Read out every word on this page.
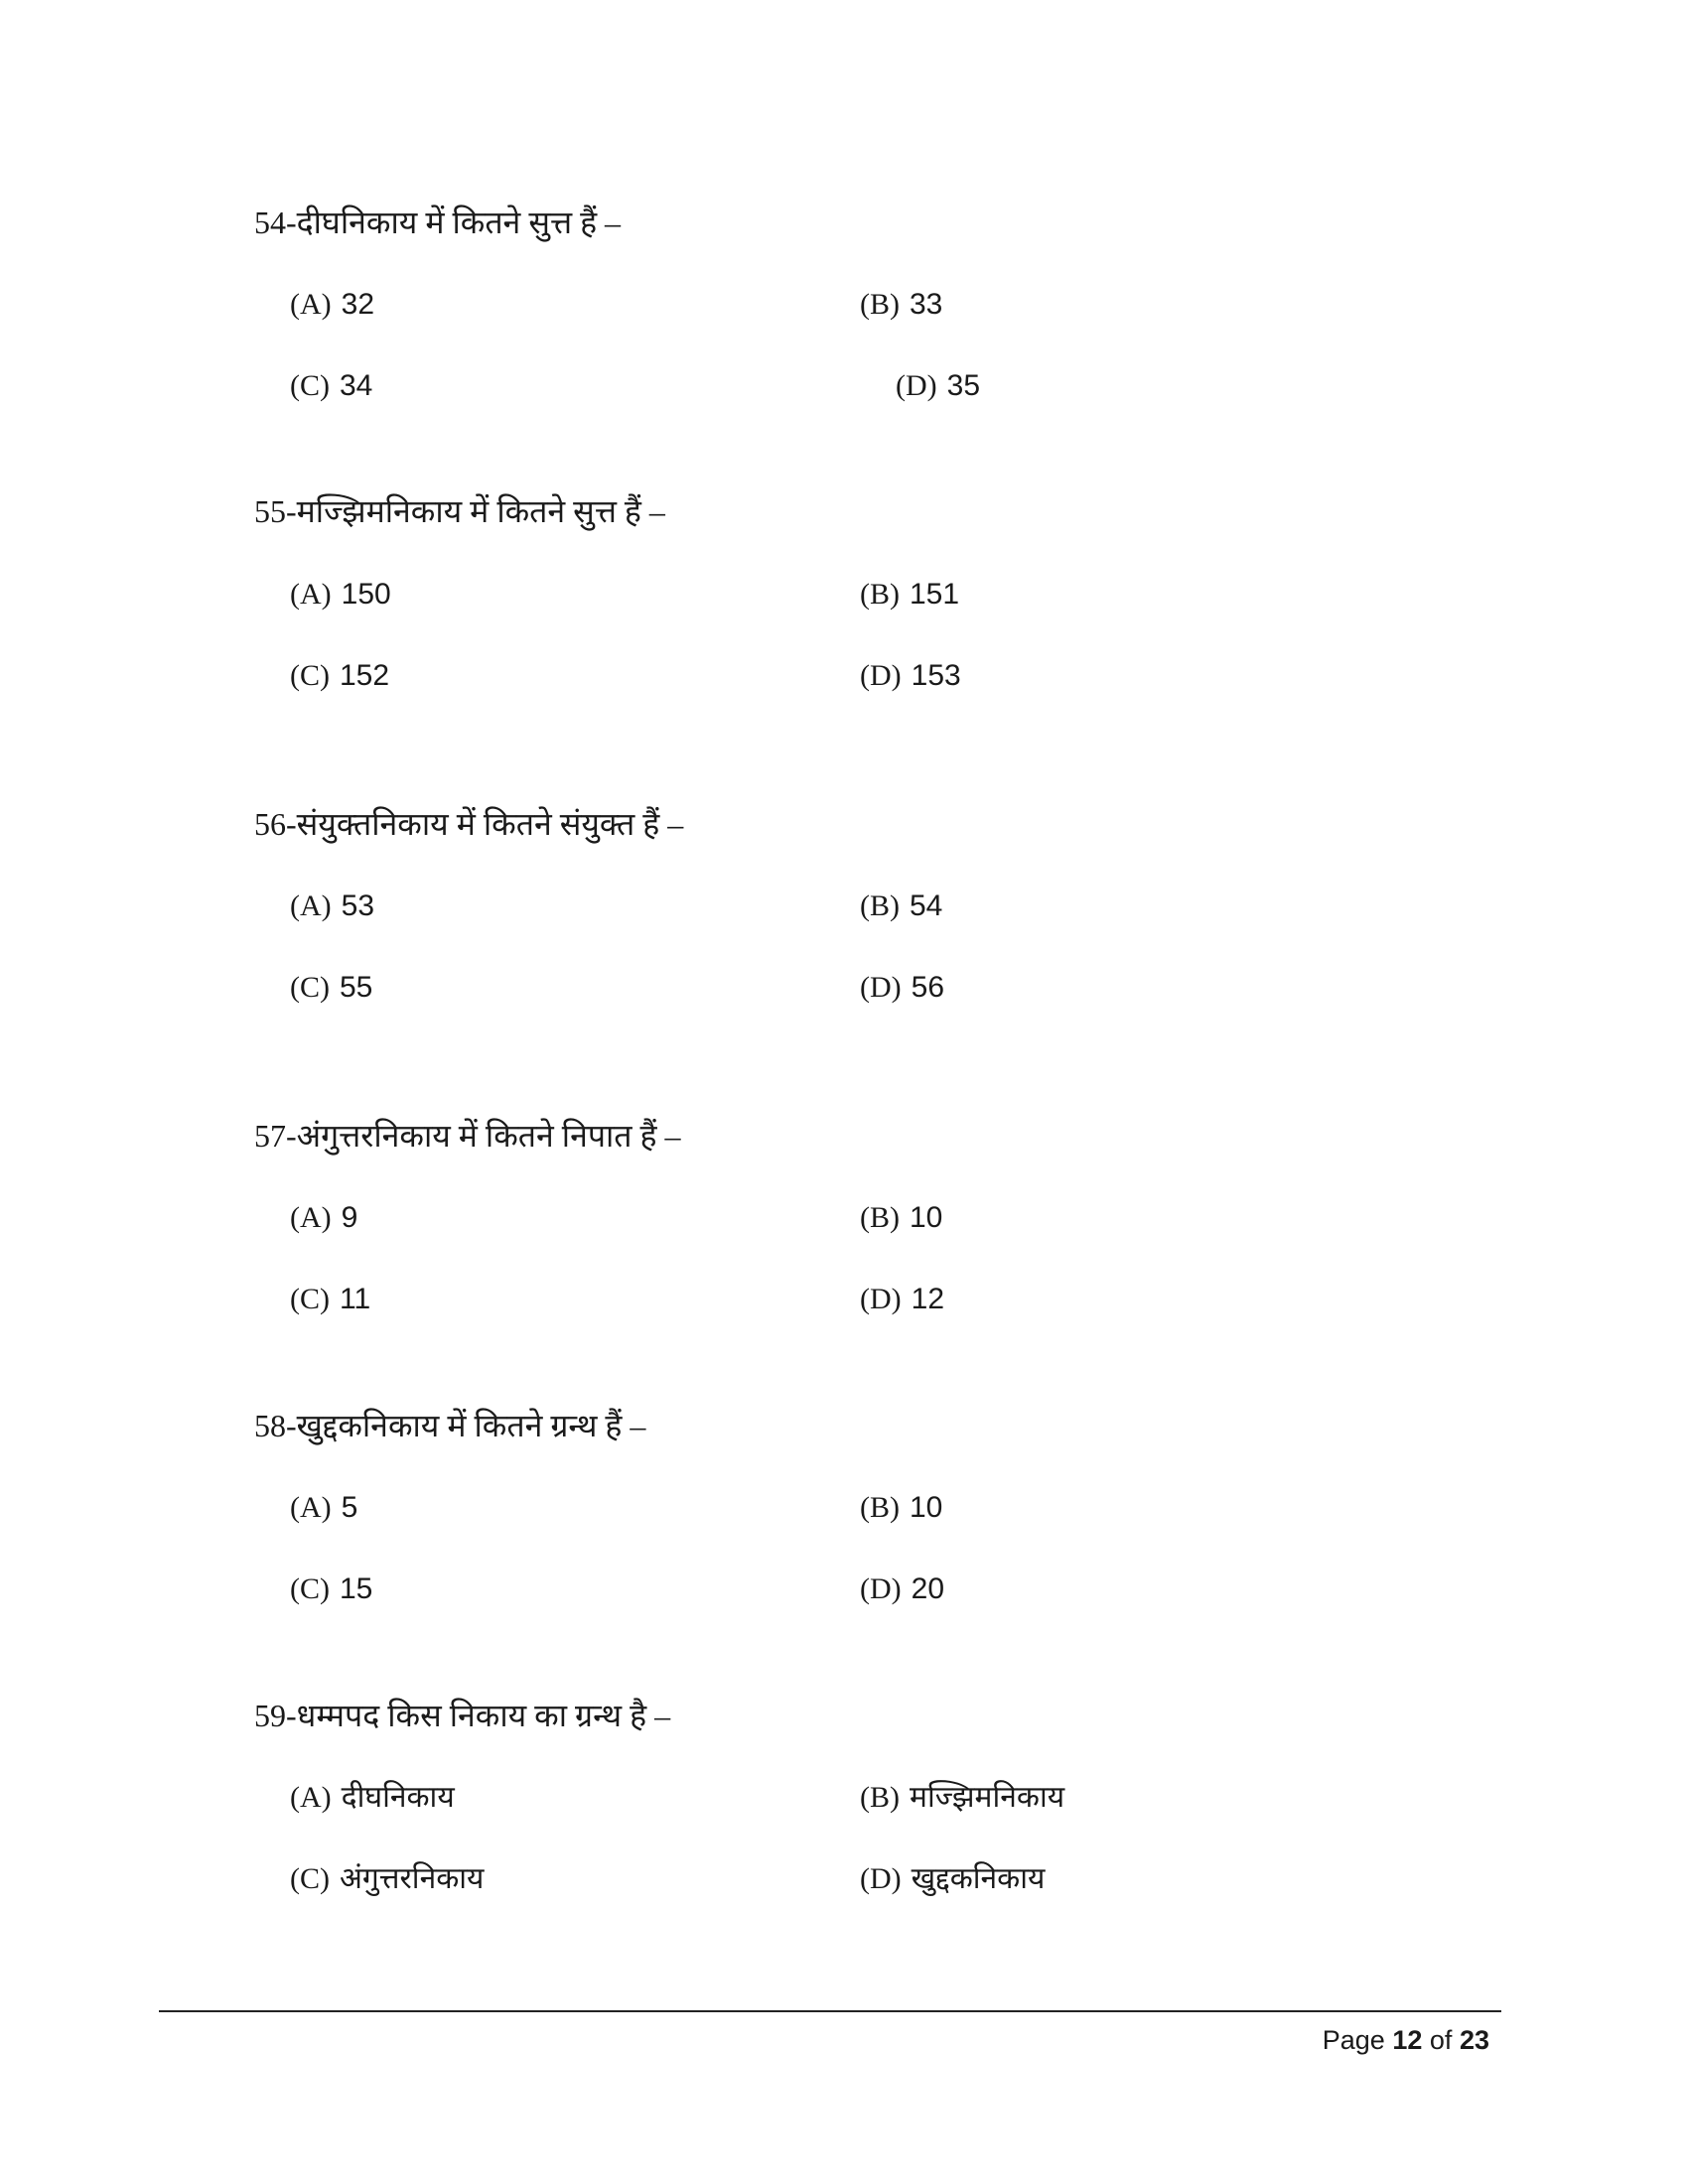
54-दीघनिकाय में कितने सुत्त हैं –
(A) 32	(B) 33
(C) 34	(D) 35
55-मज्झिमनिकाय में कितने सुत्त हैं –
(A) 150	(B) 151
(C) 152	(D) 153
56-संयुक्तनिकाय में कितने संयुक्त हैं –
(A) 53	(B) 54
(C) 55	(D) 56
57-अंगुत्तरनिकाय में कितने निपात हैं –
(A) 9	(B) 10
(C) 11	(D) 12
58-खुद्दकनिकाय में कितने ग्रन्थ हैं –
(A) 5	(B) 10
(C) 15	(D) 20
59-धम्मपद किस निकाय का ग्रन्थ है –
(A) दीघनिकाय	(B) मज्झिमनिकाय
(C) अंगुत्तरनिकाय	(D) खुद्दकनिकाय
Page 12 of 23
